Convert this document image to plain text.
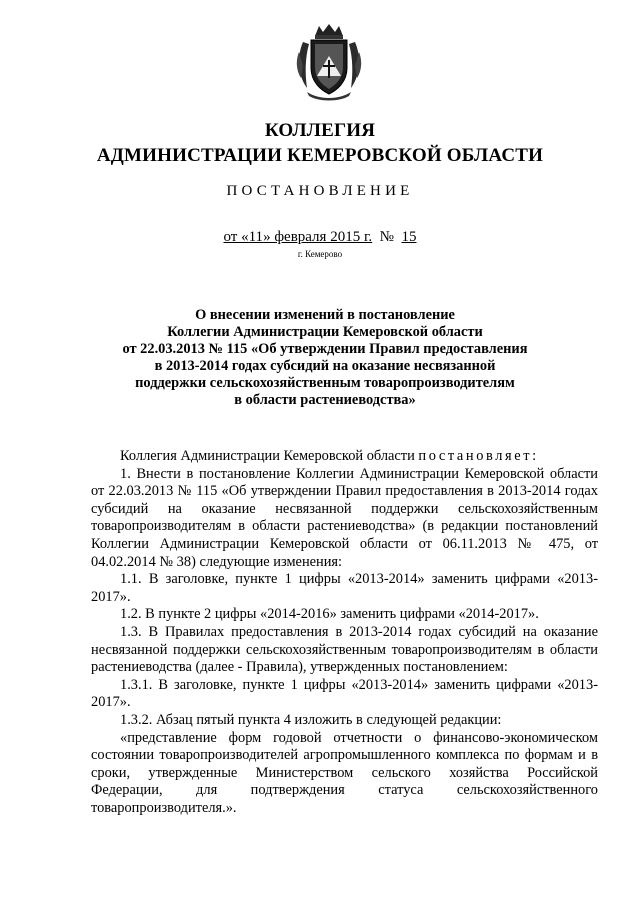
КОЛЛЕГИЯ
АДМИНИСТРАЦИИ КЕМЕРОВСКОЙ ОБЛАСТИ
ПОСТАНОВЛЕНИЕ
от «11» февраля 2015 г. № 15
г. Кемерово
О внесении изменений в постановление
Коллегии Администрации Кемеровской области
от 22.03.2013 № 115 «Об утверждении Правил предоставления
в 2013-2014 годах субсидий на оказание несвязанной
поддержки сельскохозяйственным товаропроизводителям
в области растениеводства»

Коллегия Администрации Кемеровской области постановляет:

1. Внести в постановление Коллегии Администрации Кемеровской области от 22.03.2013 № 115 «Об утверждении Правил предоставления в 2013-2014 годах субсидий на оказание несвязанной поддержки сельскохозяйственным товаропроизводителям в области растениеводства» (в редакции постановлений Коллегии Администрации Кемеровской области от 06.11.2013 № 475, от 04.02.2014 № 38) следующие изменения:

1.1. В заголовке, пункте 1 цифры «2013-2014» заменить цифрами «2013-2017».

1.2. В пункте 2 цифры «2014-2016» заменить цифрами «2014-2017».

1.3. В Правилах предоставления в 2013-2014 годах субсидий на оказание несвязанной поддержки сельскохозяйственным товаропроизводителям в области растениеводства (далее - Правила), утвержденных постановлением:

1.3.1. В заголовке, пункте 1 цифры «2013-2014» заменить цифрами «2013-2017».

1.3.2. Абзац пятый пункта 4 изложить в следующей редакции:

«представление форм годовой отчетности о финансово-экономическом состоянии товаропроизводителей агропромышленного комплекса по формам и в сроки, утвержденные Министерством сельского хозяйства Российской Федерации, для подтверждения статуса сельскохозяйственного товаропроизводителя.».
